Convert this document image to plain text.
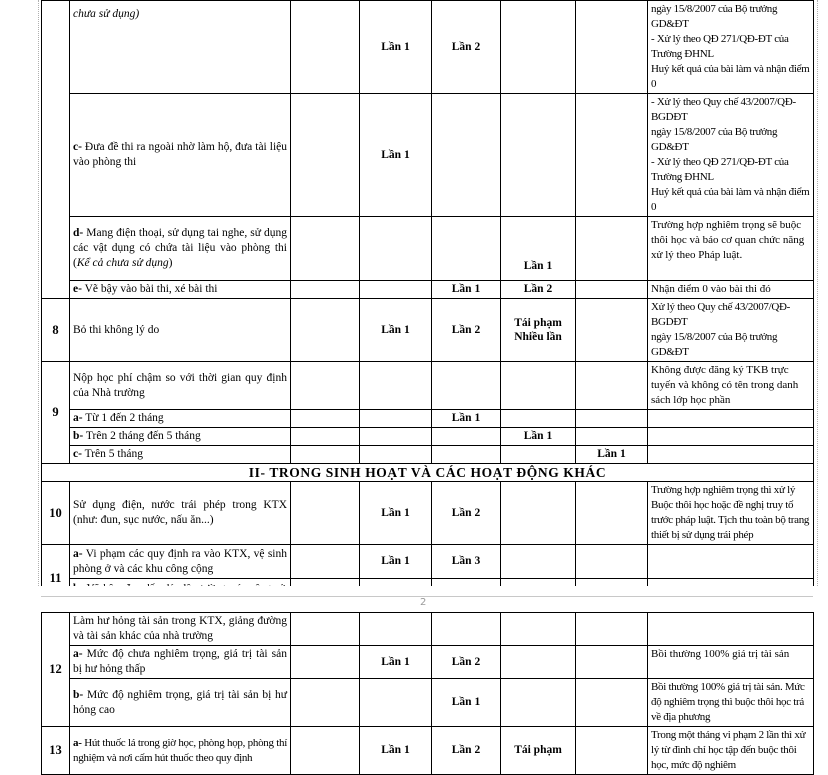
	chưa sử dụng)		Lần 1	Lần 2			ngày 15/8/2007 của Bộ trưởng GD&ĐT
- Xử lý theo QĐ 271/QĐ-ĐT của Trường ĐHNL
Huỷ kết quả của bài làm và nhận điểm 0

	c- Đưa đề thi ra ngoài nhờ làm hộ, đưa tài liệu vào phòng thi		Lần 1				- Xử lý theo Quy chế 43/2007/QĐ-BGDĐT
ngày 15/8/2007 của Bộ trưởng GD&ĐT
- Xử lý theo QĐ 271/QĐ-ĐT của Trường ĐHNL
Huỷ kết quả của bài làm và nhận điểm 0

	d- Mang điện thoại, sử dụng tai nghe, sử dụng các vật dụng có chứa tài liệu vào phòng thi (Kể cả chưa sử dụng)				Lần 1		Trường hợp nghiêm trọng sẽ buộc thôi học và báo cơ quan chức năng xử lý theo Pháp luật.
	e- Vẽ bậy vào bài thi, xé bài thi			Lần 1	Lần 2		Nhận điểm 0 vào bài thi đó
8	Bỏ thi không lý do		Lần 1	Lần 2	Tái phạm Nhiều lần		Xử lý theo Quy chế 43/2007/QĐ-BGDĐT
ngày 15/8/2007 của Bộ trưởng GD&ĐT

9	Nộp học phí chậm so với thời gian quy định của Nhà trường						Không được đăng ký TKB trực tuyến và không có tên trong danh sách lớp học phần
	a- Từ 1 đến 2 tháng			Lần 1			
	b- Trên 2 tháng đến 5 tháng				Lần 1		
	c- Trên 5 tháng					Lần 1	
II- TRONG SINH HOẠT VÀ CÁC HOẠT ĐỘNG KHÁC							
10	Sử dụng điện, nước trái phép trong KTX (như: đun, sục nước, nấu ăn...)		Lần 1	Lần 2			Trường hợp nghiêm trọng thì xử lý Buộc thôi học hoặc đề nghị truy tố trước pháp luật. Tịch thu toàn bộ trang thiết bị sử dụng trái phép
11	a- Vi phạm các quy định ra vào KTX, vệ sinh phòng ở và các khu công cộng		Lần 1	Lần 3			

12	Làm hư hỏng tài sản trong KTX, giảng đường và tài sản khác của nhà trường						
	a- Mức độ chưa nghiêm trọng, giá trị tài sản bị hư hỏng thấp		Lần 1	Lần 2			Bồi thường 100% giá trị tài sản
	b- Mức độ nghiêm trọng, giá trị tài sản bị hư hỏng cao			Lần 1			Bồi thường 100% giá trị tài sản. Mức độ nghiêm trọng thì buộc thôi học trả về địa phương
13	a- Hút thuốc lá trong giờ học, phòng họp, phòng thí nghiệm và nơi cấm hút thuốc theo quy định		Lần 1	Lần 2	Tái phạm		Trong một tháng vi phạm 2 lần thì xử lý từ đình chỉ học tập đến buộc thôi học, mức độ nghiêm
2
